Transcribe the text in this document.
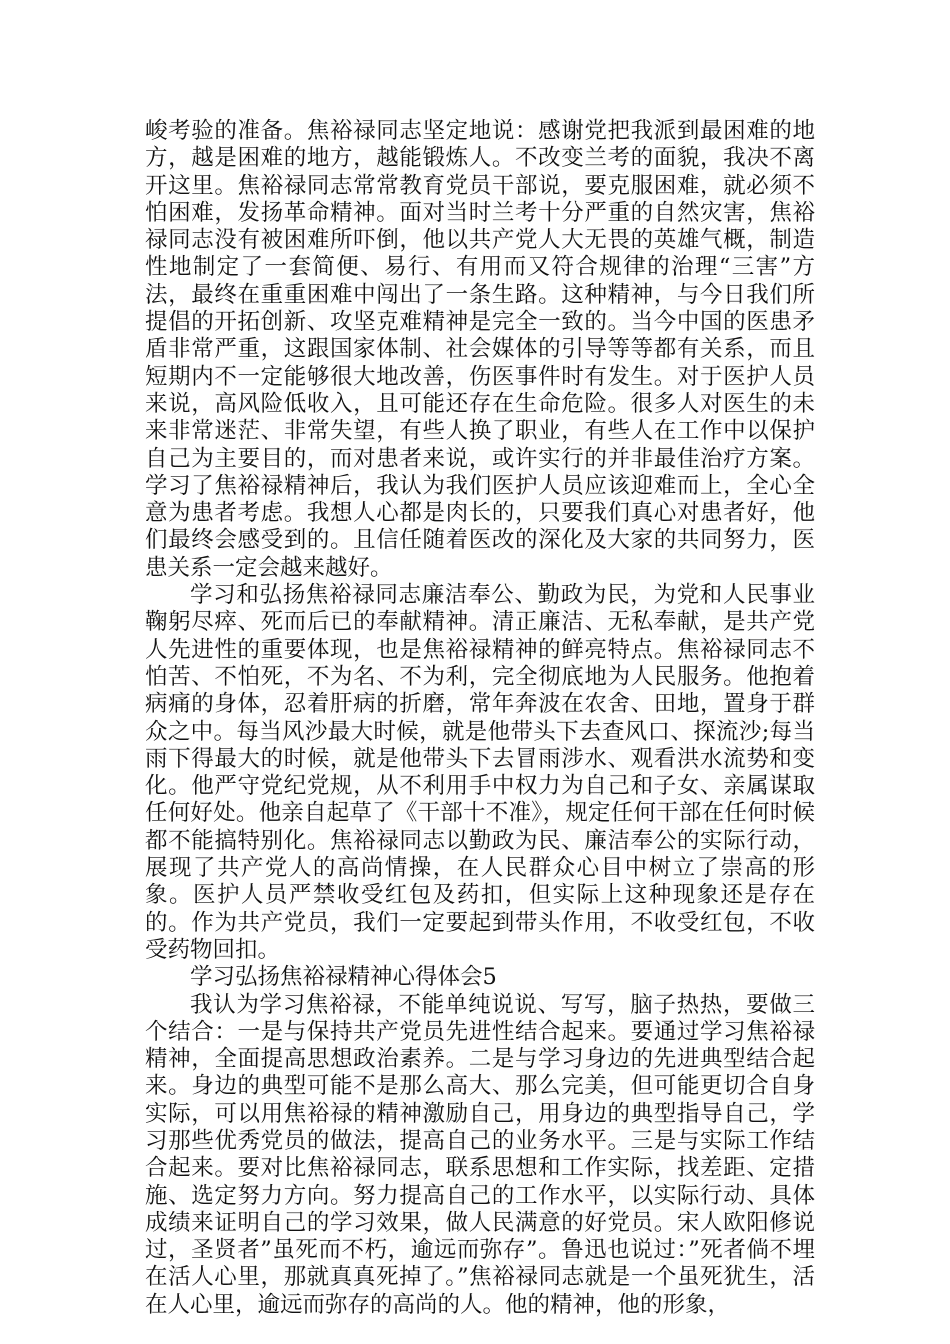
峻考验的准备。焦裕禄同志坚定地说：感谢党把我派到最困难的地方，越是困难的地方，越能锻炼人。不改变兰考的面貌，我决不离开这里。焦裕禄同志常常教育党员干部说，要克服困难，就必须不怕困难，发扬革命精神。面对当时兰考十分严重的自然灾害，焦裕禄同志没有被困难所吓倒，他以共产党人大无畏的英雄气概，制造性地制定了一套简便、易行、有用而又符合规律的治理“三害”方法，最终在重重困难中闯出了一条生路。这种精神，与今日我们所提倡的开拓创新、攻坚克难精神是完全一致的。当今中国的医患矛盾非常严重，这跟国家体制、社会媒体的引导等等都有关系，而且短期内不一定能够很大地改善，伤医事件时有发生。对于医护人员来说，高风险低收入，且可能还存在生命危险。很多人对医生的未来非常迷茫、非常失望，有些人换了职业，有些人在工作中以保护自己为主要目的，而对患者来说，或许实行的并非最佳治疗方案。学习了焦裕禄精神后，我认为我们医护人员应该迎难而上，全心全意为患者考虑。我想人心都是肉长的，只要我们真心对患者好，他们最终会感受到的。且信任随着医改的深化及大家的共同努力，医患关系一定会越来越好。

学习和弘扬焦裕禄同志廉洁奉公、勤政为民，为党和人民事业鞠躬尽瘁、死而后已的奉献精神。清正廉洁、无私奉献，是共产党人先进性的重要体现，也是焦裕禄精神的鲜亮特点。焦裕禄同志不怕苦、不怕死，不为名、不为利，完全彻底地为人民服务。他抱着病痛的身体，忍着肝病的折磨，常年奔波在农舍、田地，置身于群众之中。每当风沙最大时候，就是他带头下去查风口、探流沙;每当雨下得最大的时候，就是他带头下去冒雨涉水、观看洪水流势和变化。他严守党纪党规，从不利用手中权力为自己和子女、亲属谋取任何好处。他亲自起草了《干部十不准》，规定任何干部在任何时候都不能搞特别化。焦裕禄同志以勤政为民、廉洁奉公的实际行动，展现了共产党人的高尚情操，在人民群众心目中树立了崇高的形象。医护人员严禁收受红包及药扣，但实际上这种现象还是存在的。作为共产党员，我们一定要起到带头作用，不收受红包，不收受药物回扣。

学习弘扬焦裕禄精神心得体会5

我认为学习焦裕禄，不能单纯说说、写写，脑子热热，要做三个结合：一是与保持共产党员先进性结合起来。要通过学习焦裕禄精神，全面提高思想政治素养。二是与学习身边的先进典型结合起来。身边的典型可能不是那么高大、那么完美，但可能更切合自身实际，可以用焦裕禄的精神激励自己，用身边的典型指导自己，学习那些优秀党员的做法，提高自己的业务水平。三是与实际工作结合起来。要对比焦裕禄同志，联系思想和工作实际，找差距、定措施、选定努力方向。努力提高自己的工作水平，以实际行动、具体成绩来证明自己的学习效果，做人民满意的好党员。宋人欧阳修说过，圣贤者”虽死而不朽，逾远而弥存”。鲁迅也说过：”死者倘不埋在活人心里，那就真真死掉了。”焦裕禄同志就是一个虽死犹生，活在人心里，逾远而弥存的高尚的人。他的精神，他的形象，
